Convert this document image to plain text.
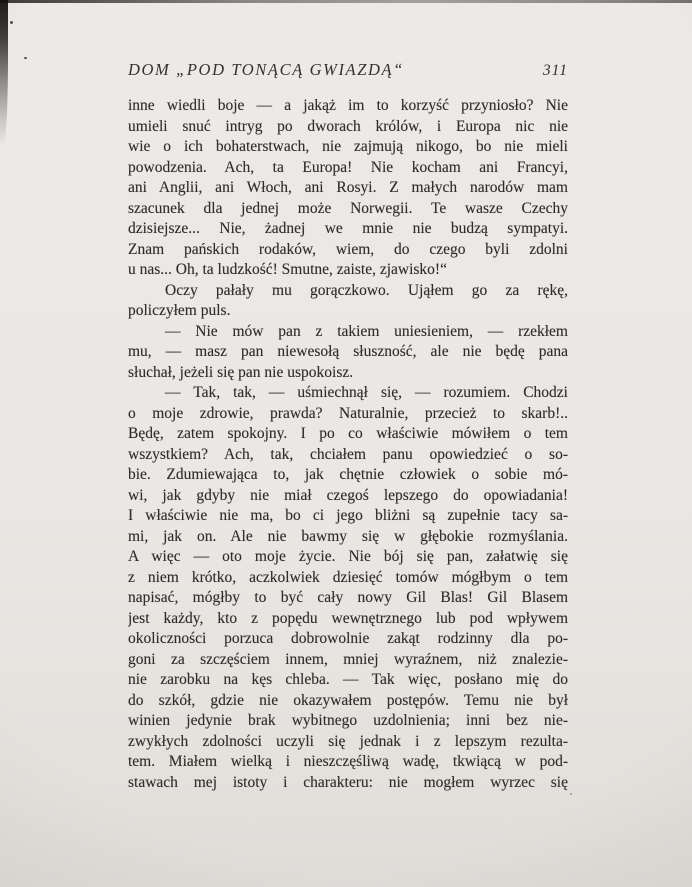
DOM „POD TONĄCĄ GWIAZDĄ“	311
inne wiedli boje — a jakąż im to korzyść przyniosło? Nie
umieli snuć intryg po dworach królów, i Europa nic nie
wie o ich bohaterstwach, nie zajmują nikogo, bo nie mieli
powodzenia. Ach, ta Europa! Nie kocham ani Francyi,
ani Anglii, ani Włoch, ani Rosyi. Z małych narodów mam
szacunek dla jednej może Norwegii. Te wasze Czechy
dzisiejsze... Nie, żadnej we mnie nie budzą sympatyi.
Znam pańskich rodaków, wiem, do czego byli zdolni
u nas... Oh, ta ludzkość! Smutne, zaiste, zjawisko!“
Oczy pałały mu gorączkowo. Ująłem go za rękę,
policzyłem puls.
— Nie mów pan z takiem uniesieniem, — rzekłem
mu, — masz pan niewesołą słuszność, ale nie będę pana
słuchał, jeżeli się pan nie uspokoisz.
— Tak, tak, — uśmiechnął się, — rozumiem. Chodzi
o moje zdrowie, prawda? Naturalnie, przecież to skarb!..
Będę, zatem spokojny. I po co właściwie mówiłem o tem
wszystkiem? Ach, tak, chciałem panu opowiedzieć o so-
bie. Zdumiewająca to, jak chętnie człowiek o sobie mó-
wi, jak gdyby nie miał czegoś lepszego do opowiadania!
I właściwie nie ma, bo ci jego bliżni są zupełnie tacy sa-
mi, jak on. Ale nie bawmy się w głębokie rozmyślania.
A więc — oto moje życie. Nie bój się pan, załatwię się
z niem krótko, aczkolwiek dziesięć tomów mógłbym o tem
napisać, mógłby to być cały nowy Gil Blas! Gil Blasem
jest każdy, kto z popędu wewnętrznego lub pod wpływem
okoliczności porzuca dobrowolnie zakąt rodzinny dla po-
goni za szczęściem innem, mniej wyraźnem, niż znalezie-
nie zarobku na kęs chleba. — Tak więc, posłano mię do
do szkół, gdzie nie okazywałem postępów. Temu nie był
winien jedynie brak wybitnego uzdolnienia; inni bez nie-
zwykłych zdolności uczyli się jednak i z lepszym rezulta-
tem. Miałem wielką i nieszczęśliwą wadę, tkwiącą w pod-
stawach mej istoty i charakteru: nie mogłem wyrzec się
